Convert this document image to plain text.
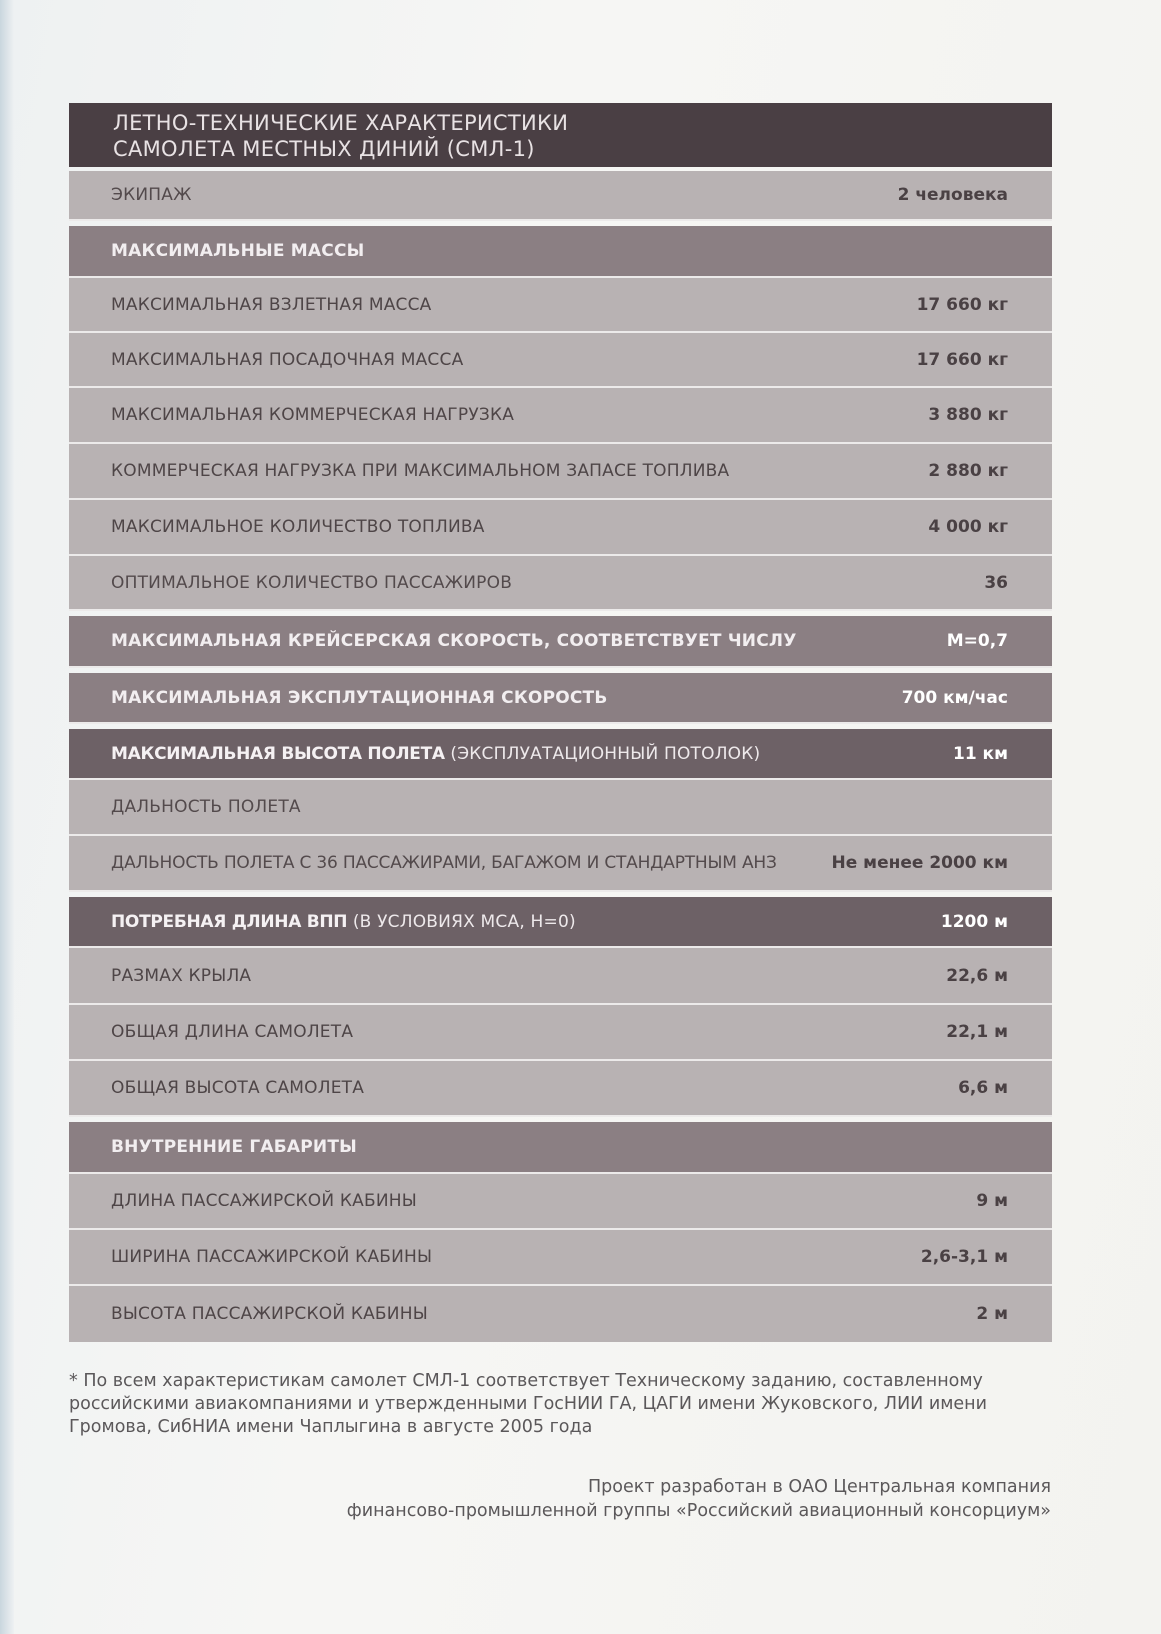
ЛЕТНО-ТЕХНИЧЕСКИЕ ХАРАКТЕРИСТИКИ
САМОЛЕТА МЕСТНЫХ ДИНИЙ (СМЛ-1)
ЭКИПАЖ	2 человека
МАКСИМАЛЬНЫЕ МАССЫ
МАКСИМАЛЬНАЯ ВЗЛЕТНАЯ МАССА	17 660 кг
МАКСИМАЛЬНАЯ ПОСАДОЧНАЯ МАССА	17 660 кг
МАКСИМАЛЬНАЯ КОММЕРЧЕСКАЯ НАГРУЗКА	3 880 кг
КОММЕРЧЕСКАЯ НАГРУЗКА ПРИ МАКСИМАЛЬНОМ ЗАПАСЕ ТОПЛИВА	2 880 кг
МАКСИМАЛЬНОЕ КОЛИЧЕСТВО ТОПЛИВА	4 000 кг
ОПТИМАЛЬНОЕ КОЛИЧЕСТВО ПАССАЖИРОВ	36
МАКСИМАЛЬНАЯ КРЕЙСЕРСКАЯ СКОРОСТЬ, СООТВЕТСТВУЕТ ЧИСЛУ	М=0,7
МАКСИМАЛЬНАЯ ЭКСПЛУТАЦИОННАЯ СКОРОСТЬ	700 км/час
МАКСИМАЛЬНАЯ ВЫСОТА ПОЛЕТА (ЭКСПЛУАТАЦИОННЫЙ ПОТОЛОК)	11 км
ДАЛЬНОСТЬ ПОЛЕТА
ДАЛЬНОСТЬ ПОЛЕТА С 36 ПАССАЖИРАМИ, БАГАЖОМ И СТАНДАРТНЫМ АНЗ	Не менее 2000 км
ПОТРЕБНАЯ ДЛИНА ВПП (В УСЛОВИЯХ МСА, Н=0)	1200 м
РАЗМАХ КРЫЛА	22,6 м
ОБЩАЯ ДЛИНА САМОЛЕТА	22,1 м
ОБЩАЯ ВЫСОТА САМОЛЕТА	6,6 м
ВНУТРЕННИЕ ГАБАРИТЫ
ДЛИНА ПАССАЖИРСКОЙ КАБИНЫ	9 м
ШИРИНА ПАССАЖИРСКОЙ КАБИНЫ	2,6-3,1 м
ВЫСОТА ПАССАЖИРСКОЙ КАБИНЫ	2 м
* По всем характеристикам самолет СМЛ-1 соответствует Техническому заданию, составленному
российскими авиакомпаниями и утвержденными ГосНИИ ГА, ЦАГИ имени Жуковского, ЛИИ имени
Громова, СибНИА имени Чаплыгина в августе 2005 года
Проект разработан в ОАО Центральная компания
финансово-промышленной группы «Российский авиационный консорциум»
